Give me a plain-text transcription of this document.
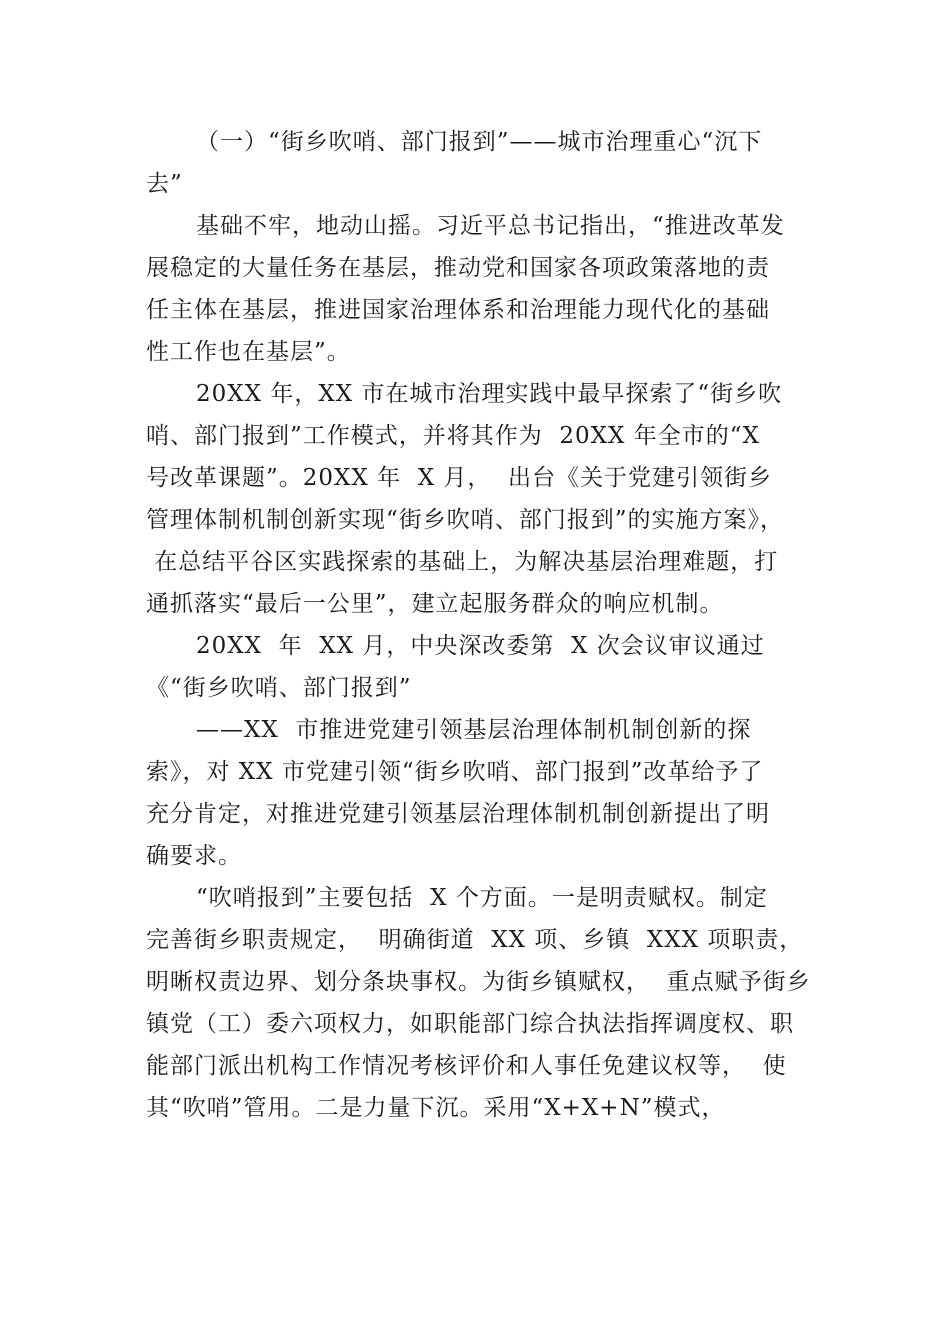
（一）“街乡吹哨、部门报到”——城市治理重心“沉下
去”
基础不牢，地动山摇。习近平总书记指出，“推进改革发
展稳定的大量任务在基层，推动党和国家各项政策落地的责
任主体在基层，推进国家治理体系和治理能力现代化的基础
性工作也在基层”。
20XX 年，XX 市在城市治理实践中最早探索了“街乡吹
哨、部门报到”工作模式，并将其作为  20XX 年全市的“X
号改革课题”。20XX 年  X 月，  出台《关于党建引领街乡
管理体制机制创新实现“街乡吹哨、部门报到”的实施方案》，
在总结平谷区实践探索的基础上，为解决基层治理难题，打
通抓落实“最后一公里”，建立起服务群众的响应机制。
20XX  年  XX 月，中央深改委第  X 次会议审议通过
《“街乡吹哨、部门报到”
——XX  市推进党建引领基层治理体制机制创新的探
索》，对 XX 市党建引领“街乡吹哨、部门报到”改革给予了
充分肯定，对推进党建引领基层治理体制机制创新提出了明
确要求。
“吹哨报到”主要包括  X 个方面。一是明责赋权。制定
完善街乡职责规定，  明确街道  XX 项、乡镇  XXX 项职责，
明晰权责边界、划分条块事权。为街乡镇赋权，  重点赋予街乡
镇党（工）委六项权力，如职能部门综合执法指挥调度权、职
能部门派出机构工作情况考核评价和人事任免建议权等，  使
其“吹哨”管用。二是力量下沉。采用“X+X+N”模式，
